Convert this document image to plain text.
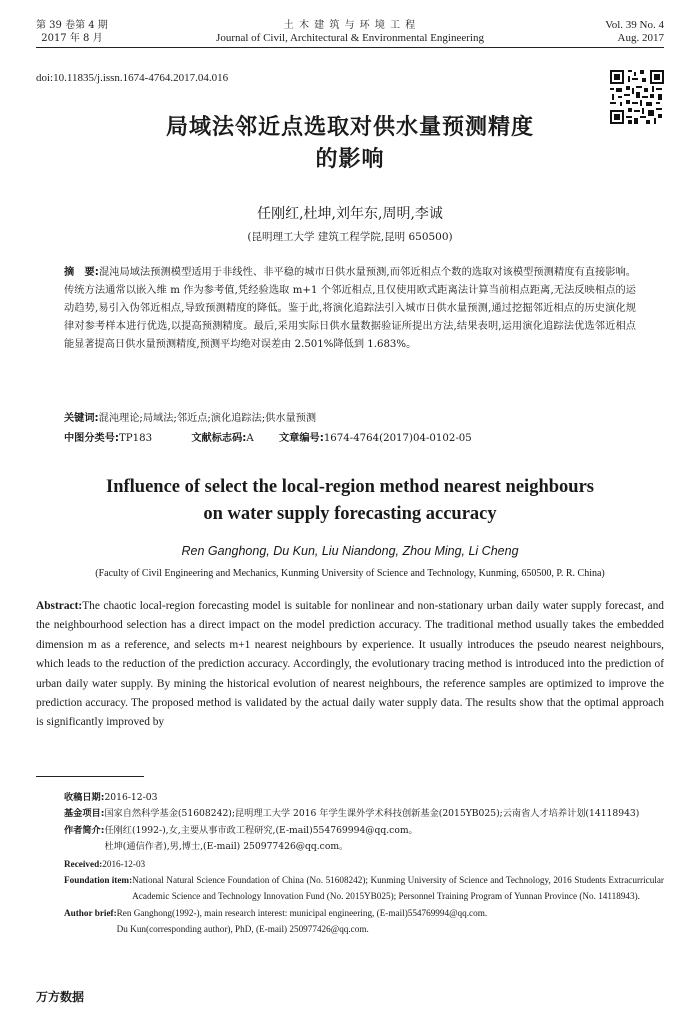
第 39 卷第 4 期
2017 年 8 月
土 木 建 筑 与 环 境 工 程
Journal of Civil, Architectural & Environmental Engineering
Vol. 39 No. 4
Aug. 2017
doi:10.11835/j.issn.1674-4764.2017.04.016
局域法邻近点选取对供水量预测精度
的影响
任刚红,杜坤,刘年东,周明,李诚
(昆明理工大学 建筑工程学院,昆明 650500)
摘　要:混沌局域法预测模型适用于非线性、非平稳的城市日供水量预测,而邻近相点个数的选取对该模型预测精度有直接影响。传统方法通常以嵌入维 m 作为参考值,凭经验选取 m+1 个邻近相点,且仅使用欧式距离法计算当前相点距离,无法反映相点的运动趋势,易引入伪邻近相点,导致预测精度的降低。鉴于此,将演化追踪法引入城市日供水量预测,通过挖掘邻近相点的历史演化规律对参考样本进行优选,以提高预测精度。最后,采用实际日供水量数据验证所提出方法,结果表明,运用演化追踪法优选邻近相点能显著提高日供水量预测精度,预测平均绝对误差由 2.501%降低到 1.683%。
关键词:混沌理论;局域法;邻近点;演化追踪法;供水量预测
中图分类号:TP183	文献标志码:A 文章编号:1674-4764(2017)04-0102-05
Influence of select the local-region method nearest neighbours
on water supply forecasting accuracy
Ren Ganghong, Du Kun, Liu Niandong, Zhou Ming, Li Cheng
(Faculty of Civil Engineering and Mechanics, Kunming University of Science and Technology, Kunming, 650500, P. R. China)
Abstract:The chaotic local-region forecasting model is suitable for nonlinear and non-stationary urban daily water supply forecast, and the neighbourhood selection has a direct impact on the model prediction accuracy. The traditional method usually takes the embedded dimension m as a reference, and selects m+1 nearest neighbours by experience. It usually introduces the pseudo nearest neighbours, which leads to the reduction of the prediction accuracy. Accordingly, the evolutionary tracing method is introduced into the prediction of urban daily water supply. By mining the historical evolution of nearest neighbours, the reference samples are optimized to improve the prediction accuracy. The proposed method is validated by the actual daily water supply data. The results show that the optimal approach is significantly improved by
收稿日期: 2016-12-03
基金项目: 国家自然科学基金(51608242);昆明理工大学 2016 年学生课外学术科技创新基金(2015YB025);云南省人才培养计划(14118943)
作者简介: 任刚红(1992-),女,主要从事市政工程研究,(E-mail)554769994@qq.com。
杜坤(通信作者),男,博士,(E-mail) 250977426@qq.com。
Received: 2016-12-03
Foundation item: National Natural Science Foundation of China (No. 51608242); Kunming University of Science and Technology, 2016 Students Extracurricular Academic Science and Technology Innovation Fund (No. 2015YB025); Personnel Training Program of Yunnan Province (No. 14118943).
Author brief: Ren Ganghong(1992-), main research interest: municipal engineering, (E-mail)554769994@qq.com.
Du Kun(corresponding author), PhD, (E-mail) 250977426@qq.com.
万方数据
